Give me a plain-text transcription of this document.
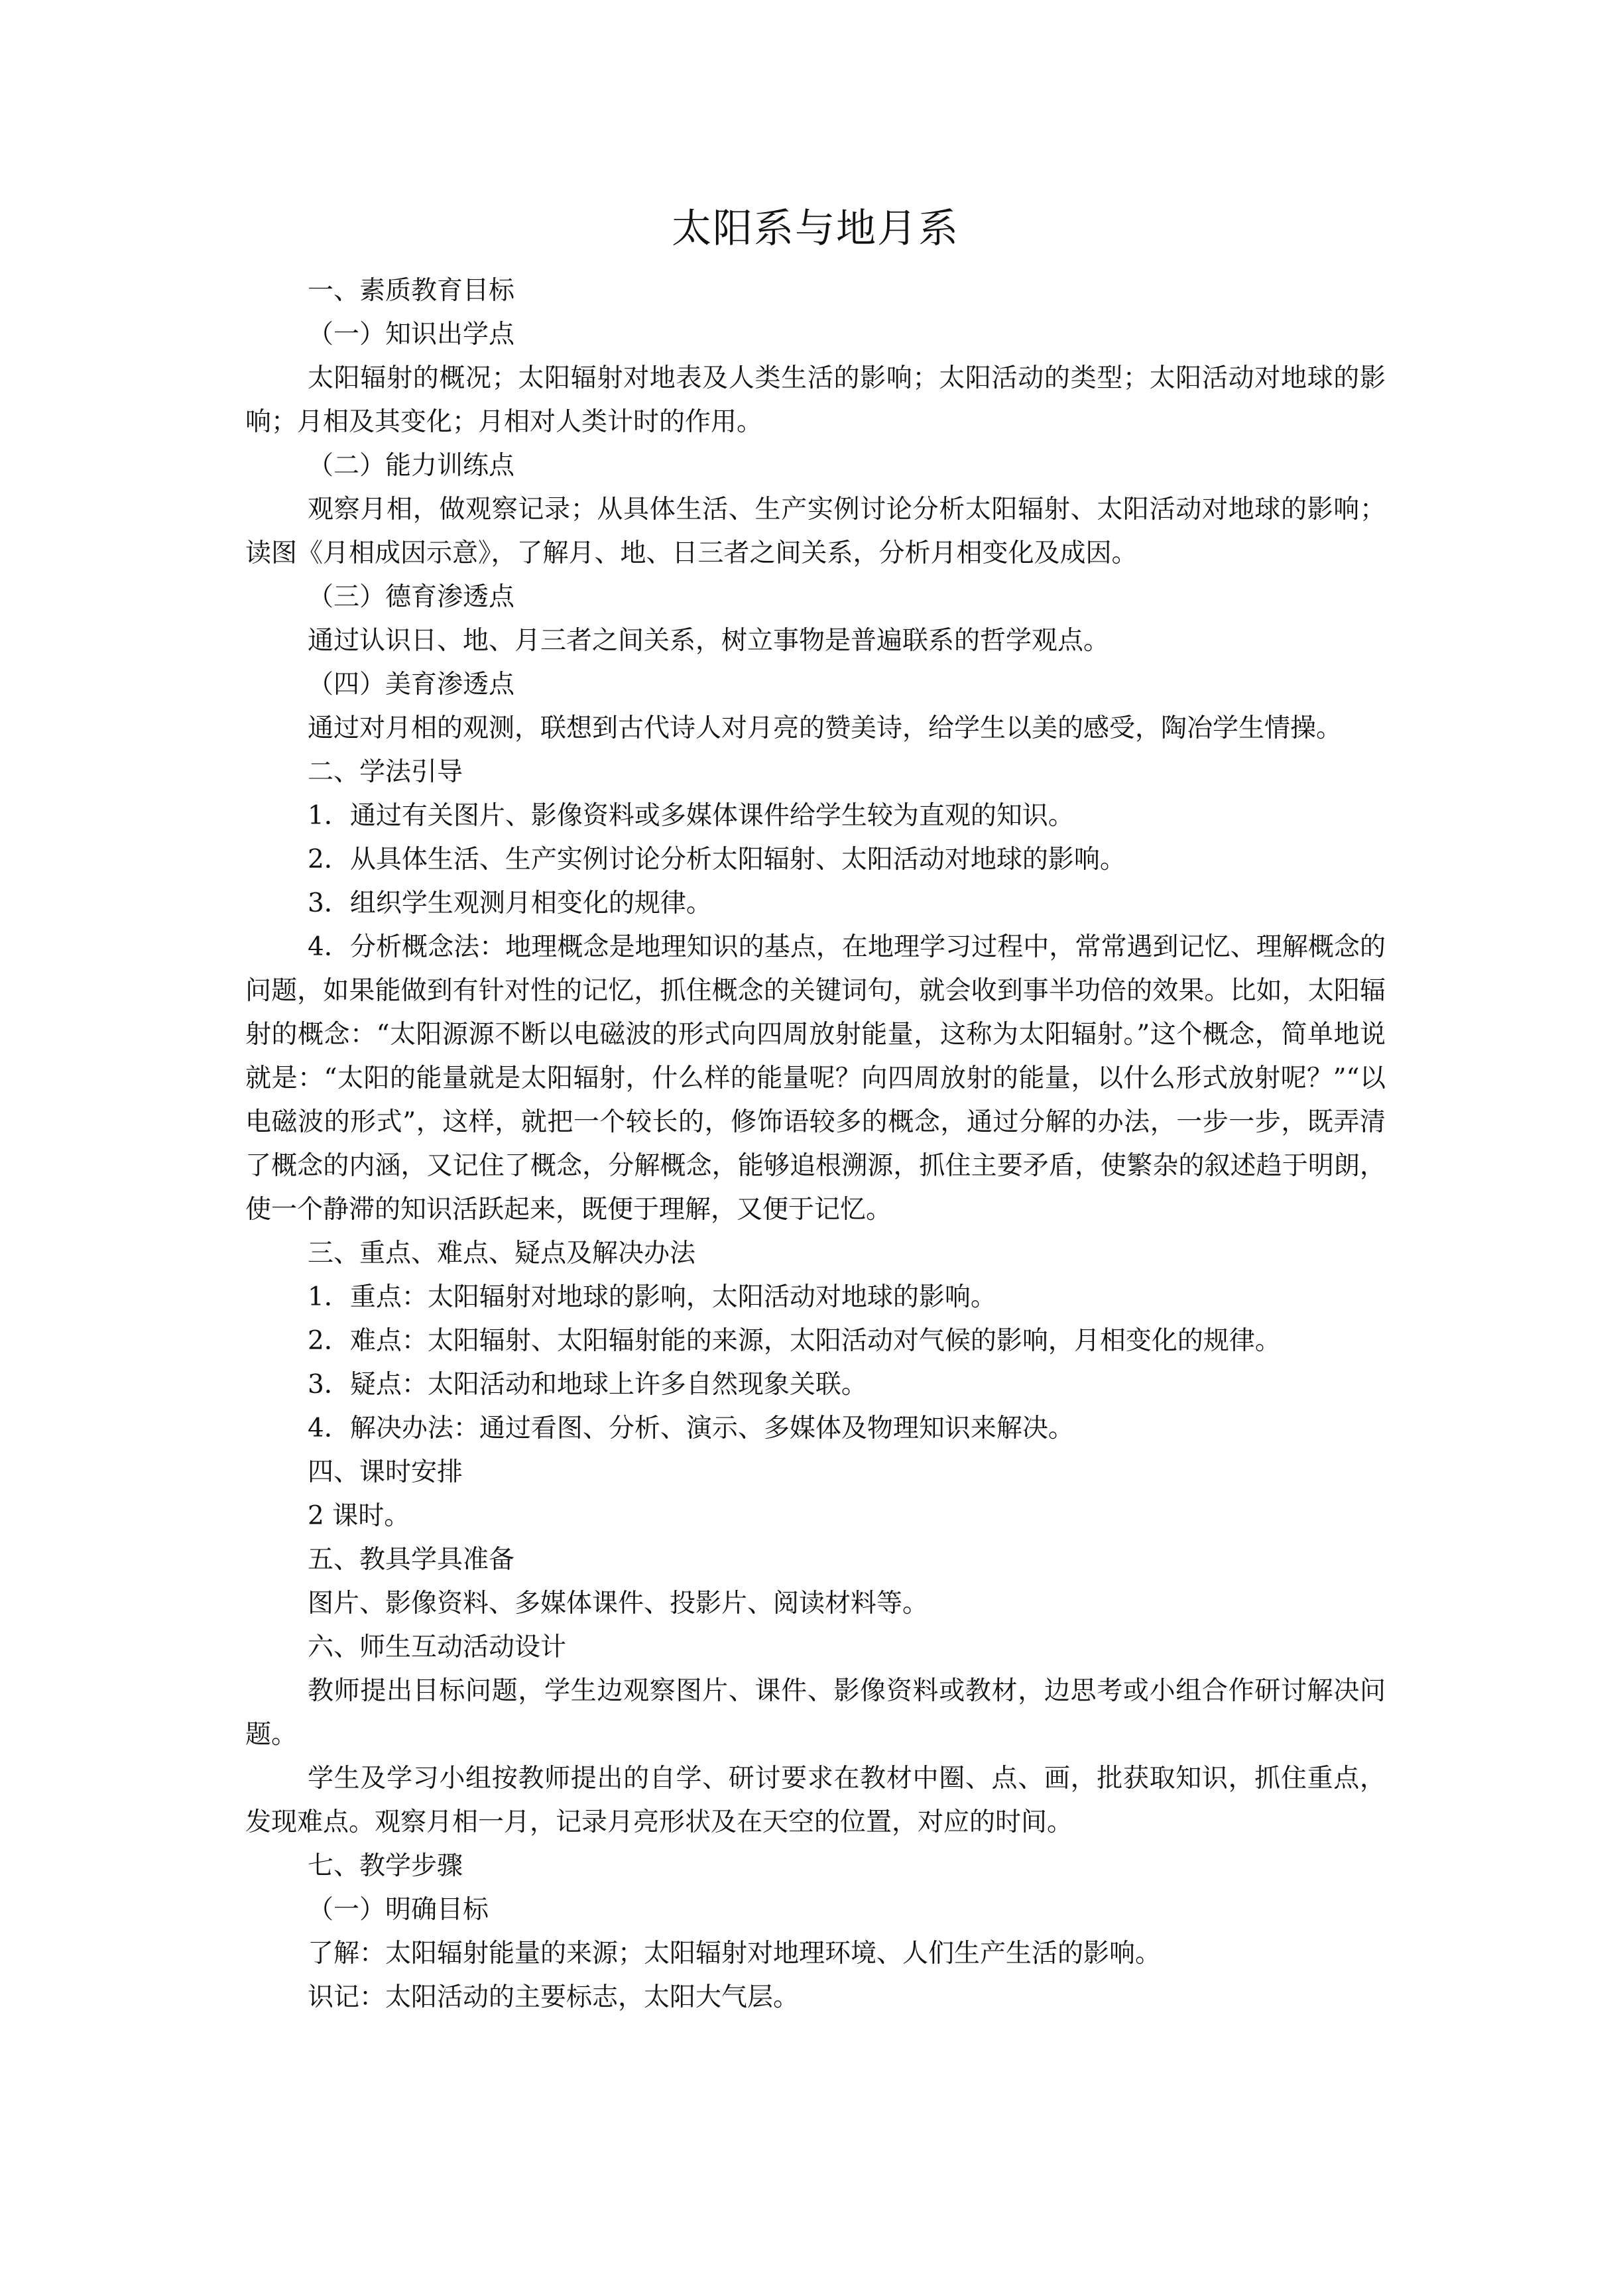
太阳系与地月系

一、素质教育目标

（一）知识出学点

太阳辐射的概况；太阳辐射对地表及人类生活的影响；太阳活动的类型；太阳活动对地球的影响；月相及其变化；月相对人类计时的作用。

（二）能力训练点

观察月相，做观察记录；从具体生活、生产实例讨论分析太阳辐射、太阳活动对地球的影响；读图《月相成因示意》，了解月、地、日三者之间关系，分析月相变化及成因。

（三）德育渗透点

通过认识日、地、月三者之间关系，树立事物是普遍联系的哲学观点。

（四）美育渗透点

通过对月相的观测，联想到古代诗人对月亮的赞美诗，给学生以美的感受，陶冶学生情操。

二、学法引导

1．通过有关图片、影像资料或多媒体课件给学生较为直观的知识。

2．从具体生活、生产实例讨论分析太阳辐射、太阳活动对地球的影响。

3．组织学生观测月相变化的规律。

4．分析概念法：地理概念是地理知识的基点，在地理学习过程中，常常遇到记忆、理解概念的问题，如果能做到有针对性的记忆，抓住概念的关键词句，就会收到事半功倍的效果。比如，太阳辐射的概念：“太阳源源不断以电磁波的形式向四周放射能量，这称为太阳辐射。”这个概念，简单地说就是：“太阳的能量就是太阳辐射，什么样的能量呢？向四周放射的能量，以什么形式放射呢？”“以电磁波的形式”，这样，就把一个较长的，修饰语较多的概念，通过分解的办法，一步一步，既弄清了概念的内涵，又记住了概念，分解概念，能够追根溯源，抓住主要矛盾，使繁杂的叙述趋于明朗，使一个静滞的知识活跃起来，既便于理解，又便于记忆。

三、重点、难点、疑点及解决办法

1．重点：太阳辐射对地球的影响，太阳活动对地球的影响。

2．难点：太阳辐射、太阳辐射能的来源，太阳活动对气候的影响，月相变化的规律。

3．疑点：太阳活动和地球上许多自然现象关联。

4．解决办法：通过看图、分析、演示、多媒体及物理知识来解决。

四、课时安排

2 课时。

五、教具学具准备

图片、影像资料、多媒体课件、投影片、阅读材料等。

六、师生互动活动设计

教师提出目标问题，学生边观察图片、课件、影像资料或教材，边思考或小组合作研讨解决问题。

学生及学习小组按教师提出的自学、研讨要求在教材中圈、点、画，批获取知识，抓住重点，发现难点。观察月相一月，记录月亮形状及在天空的位置，对应的时间。

七、教学步骤

（一）明确目标

了解：太阳辐射能量的来源；太阳辐射对地理环境、人们生产生活的影响。

识记：太阳活动的主要标志，太阳大气层。
